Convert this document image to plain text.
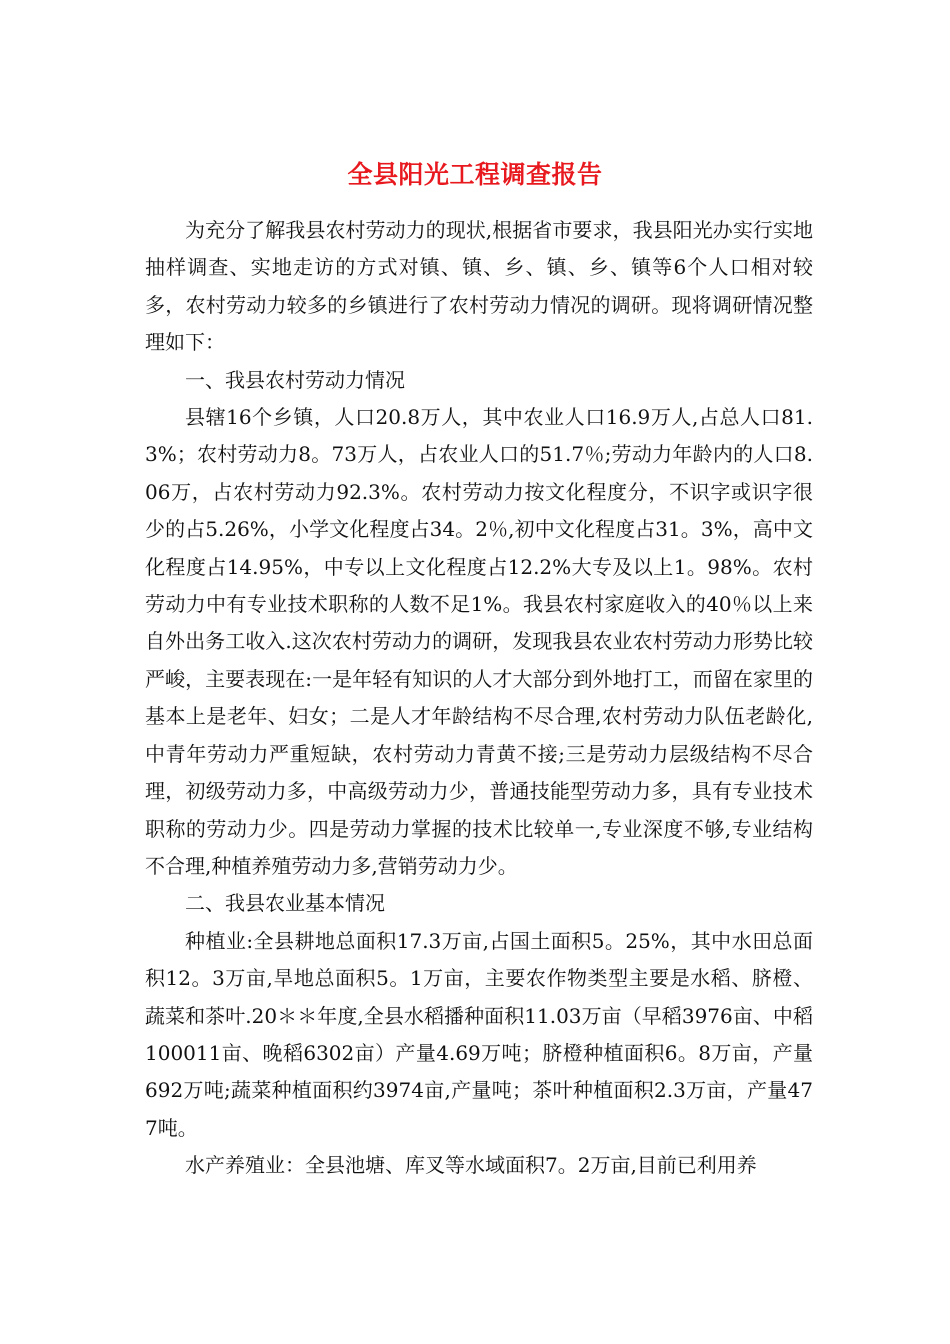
全县阳光工程调查报告

为充分了解我县农村劳动力的现状,根据省市要求，我县阳光办实行实地抽样调查、实地走访的方式对镇、镇、乡、镇、乡、镇等6个人口相对较多，农村劳动力较多的乡镇进行了农村劳动力情况的调研。现将调研情况整理如下：

一、我县农村劳动力情况

县辖16个乡镇，人口20.8万人，其中农业人口16.9万人,占总人口81.3%；农村劳动力8。73万人，占农业人口的51.7％;劳动力年龄内的人口8.06万，占农村劳动力92.3%。农村劳动力按文化程度分，不识字或识字很少的占5.26%，小学文化程度占34。2％,初中文化程度占31。3%，高中文化程度占14.95%，中专以上文化程度占12.2%大专及以上1。98%。农村劳动力中有专业技术职称的人数不足1%。我县农村家庭收入的40％以上来自外出务工收入.这次农村劳动力的调研，发现我县农业农村劳动力形势比较严峻，主要表现在:一是年轻有知识的人才大部分到外地打工，而留在家里的基本上是老年、妇女；二是人才年龄结构不尽合理,农村劳动力队伍老龄化,中青年劳动力严重短缺，农村劳动力青黄不接;三是劳动力层级结构不尽合理，初级劳动力多，中高级劳动力少，普通技能型劳动力多，具有专业技术职称的劳动力少。四是劳动力掌握的技术比较单一,专业深度不够,专业结构不合理,种植养殖劳动力多,营销劳动力少。

二、我县农业基本情况

种植业:全县耕地总面积17.3万亩,占国土面积5。25%，其中水田总面积12。3万亩,旱地总面积5。1万亩，主要农作物类型主要是水稻、脐橙、蔬菜和茶叶.20＊＊年度,全县水稻播种面积11.03万亩（早稻3976亩、中稻100011亩、晚稻6302亩）产量4.69万吨；脐橙种植面积6。8万亩，产量692万吨;蔬菜种植面积约3974亩,产量吨；茶叶种植面积2.3万亩，产量477吨。

水产养殖业：全县池塘、库叉等水域面积7。2万亩,目前已利用养
